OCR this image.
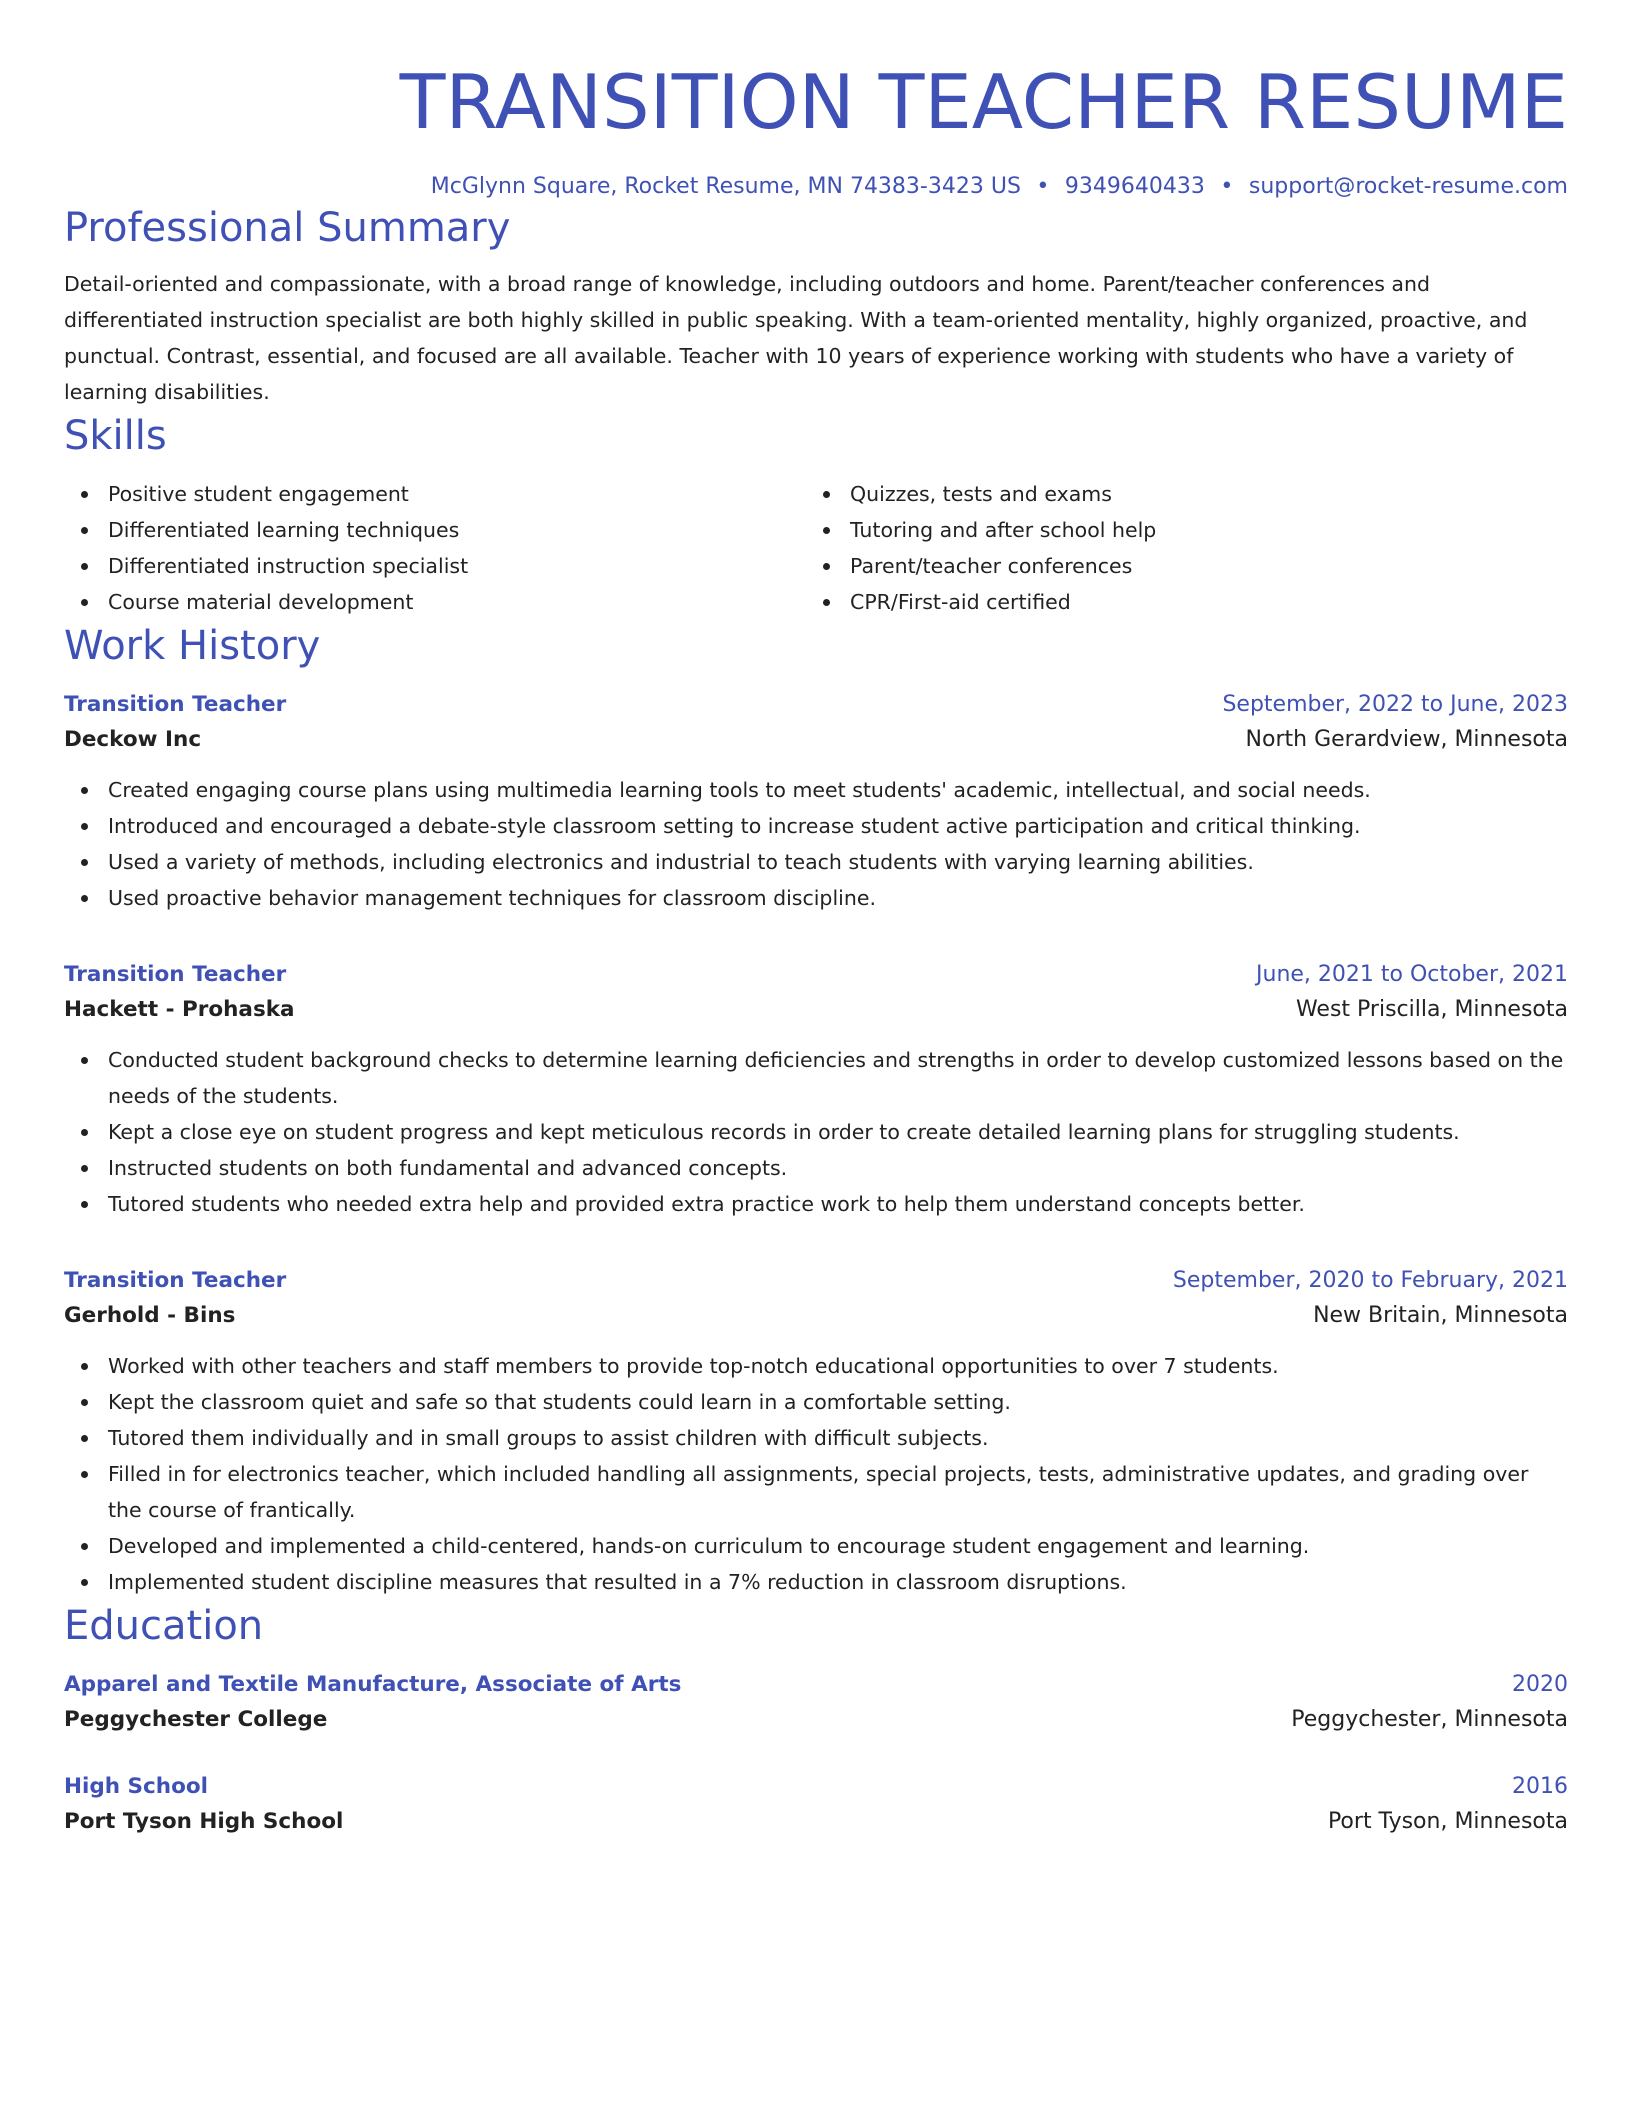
TRANSITION TEACHER RESUME
McGlynn Square, Rocket Resume, MN 74383-3423 US • 9349640433 • support@rocket-resume.com
Professional Summary
Detail-oriented and compassionate, with a broad range of knowledge, including outdoors and home. Parent/teacher conferences and differentiated instruction specialist are both highly skilled in public speaking. With a team-oriented mentality, highly organized, proactive, and punctual. Contrast, essential, and focused are all available. Teacher with 10 years of experience working with students who have a variety of learning disabilities.
Skills
Positive student engagement
Differentiated learning techniques
Differentiated instruction specialist
Course material development
Quizzes, tests and exams
Tutoring and after school help
Parent/teacher conferences
CPR/First-aid certified
Work History
Transition Teacher	September, 2022 to June, 2023
Deckow Inc	North Gerardview, Minnesota
Created engaging course plans using multimedia learning tools to meet students' academic, intellectual, and social needs.
Introduced and encouraged a debate-style classroom setting to increase student active participation and critical thinking.
Used a variety of methods, including electronics and industrial to teach students with varying learning abilities.
Used proactive behavior management techniques for classroom discipline.
Transition Teacher	June, 2021 to October, 2021
Hackett - Prohaska	West Priscilla, Minnesota
Conducted student background checks to determine learning deficiencies and strengths in order to develop customized lessons based on the needs of the students.
Kept a close eye on student progress and kept meticulous records in order to create detailed learning plans for struggling students.
Instructed students on both fundamental and advanced concepts.
Tutored students who needed extra help and provided extra practice work to help them understand concepts better.
Transition Teacher	September, 2020 to February, 2021
Gerhold - Bins	New Britain, Minnesota
Worked with other teachers and staff members to provide top-notch educational opportunities to over 7 students.
Kept the classroom quiet and safe so that students could learn in a comfortable setting.
Tutored them individually and in small groups to assist children with difficult subjects.
Filled in for electronics teacher, which included handling all assignments, special projects, tests, administrative updates, and grading over the course of frantically.
Developed and implemented a child-centered, hands-on curriculum to encourage student engagement and learning.
Implemented student discipline measures that resulted in a 7% reduction in classroom disruptions.
Education
Apparel and Textile Manufacture, Associate of Arts	2020
Peggychester College	Peggychester, Minnesota
High School	2016
Port Tyson High School	Port Tyson, Minnesota
